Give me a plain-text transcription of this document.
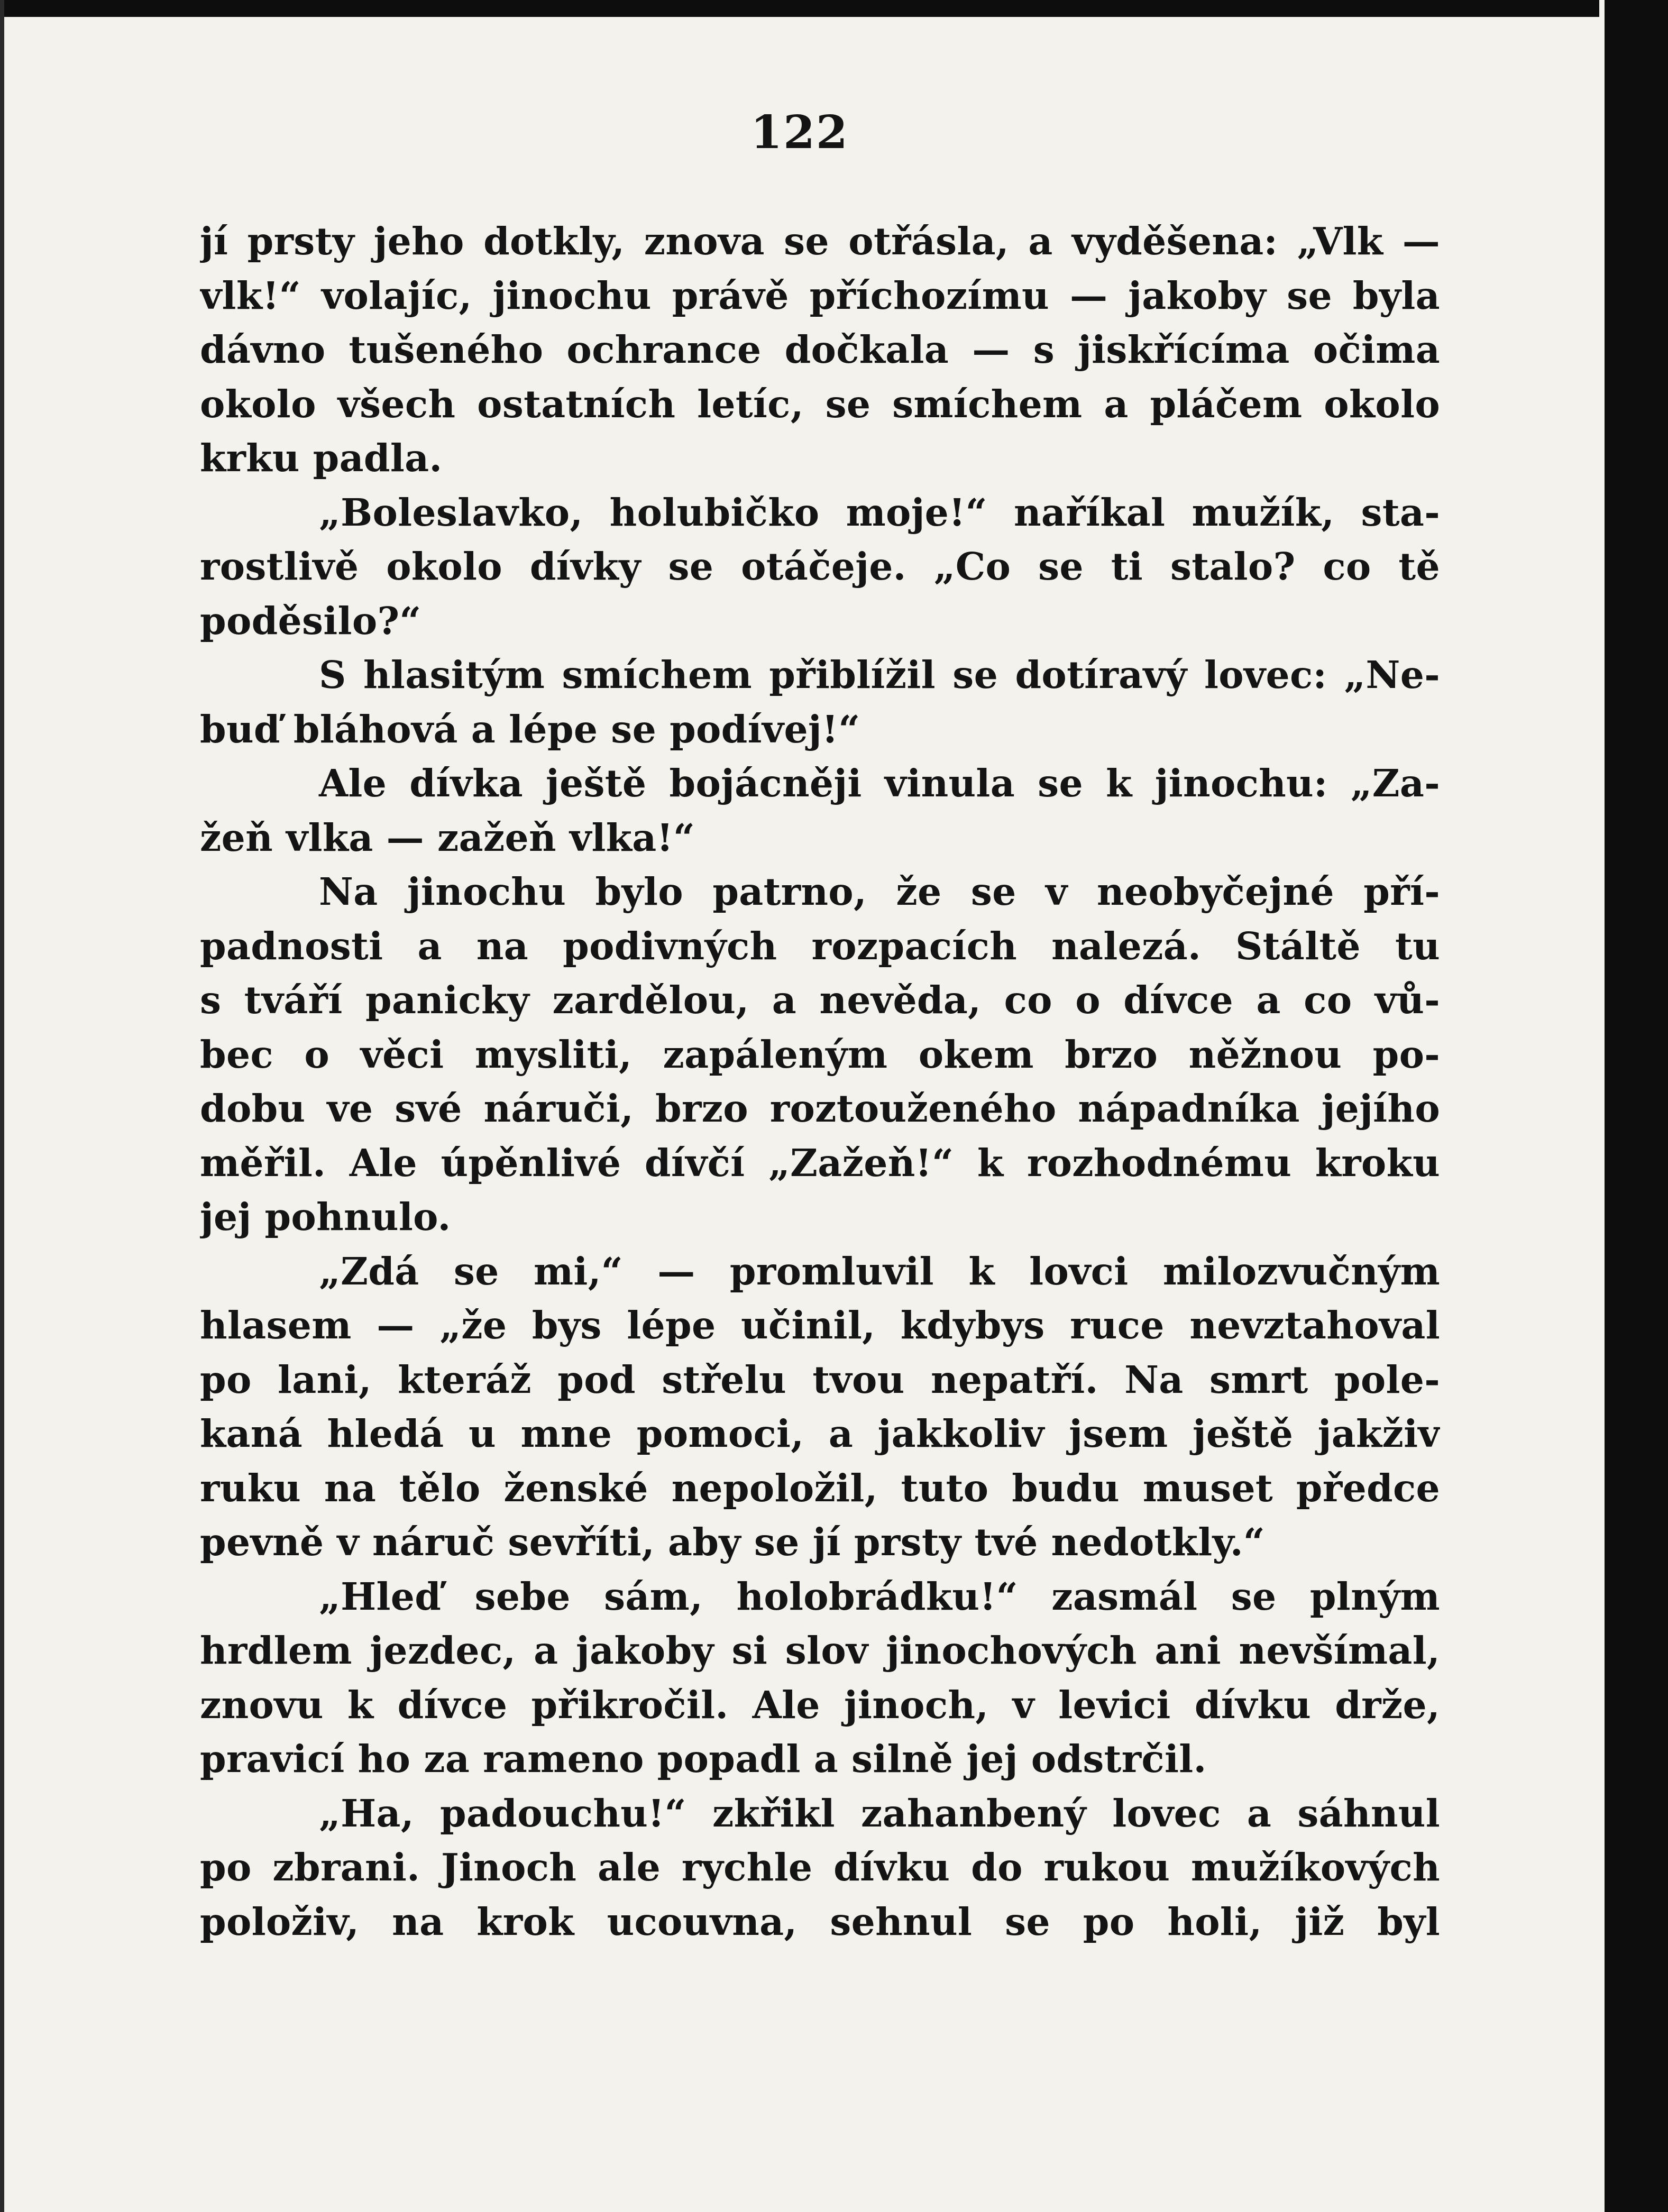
122
jí prsty jeho dotkly, znova se otřásla, a vyděšena: „Vlk —
vlk!“ volajíc, jinochu právě příchozímu — jakoby se byla
dávno tušeného ochrance dočkala — s jiskřícíma očima
okolo všech ostatních letíc, se smíchem a pláčem okolo
krku padla.
„Boleslavko, holubičko moje!“ naříkal mužík, sta-
rostlivě okolo dívky se otáčeje. „Co se ti stalo? co tě
poděsilo?“
S hlasitým smíchem přiblížil se dotíravý lovec: „Ne-
buď bláhová a lépe se podívej!“
Ale dívka ještě bojácněji vinula se k jinochu: „Za-
žeň vlka — zažeň vlka!“
Na jinochu bylo patrno, že se v neobyčejné pří-
padnosti a na podivných rozpacích nalezá. Stáltě tu
s tváří panicky zardělou, a nevěda, co o dívce a co vů-
bec o věci mysliti, zapáleným okem brzo něžnou po-
dobu ve své náruči, brzo roztouženého nápadníka jejího
měřil. Ale úpěnlivé dívčí „Zažeň!“ k rozhodnému kroku
jej pohnulo.
„Zdá se mi,“ — promluvil k lovci milozvučným
hlasem — „že bys lépe učinil, kdybys ruce nevztahoval
po lani, kteráž pod střelu tvou nepatří. Na smrt pole-
kaná hledá u mne pomoci, a jakkoliv jsem ještě jakživ
ruku na tělo ženské nepoložil, tuto budu muset předce
pevně v náruč sevříti, aby se jí prsty tvé nedotkly.“
„Hleď sebe sám, holobrádku!“ zasmál se plným
hrdlem jezdec, a jakoby si slov jinochových ani nevšímal,
znovu k dívce přikročil. Ale jinoch, v levici dívku drže,
pravicí ho za rameno popadl a silně jej odstrčil.
„Ha, padouchu!“ zkřikl zahanbený lovec a sáhnul
po zbrani. Jinoch ale rychle dívku do rukou mužíkových
položiv, na krok ucouvna, sehnul se po holi, již byl
